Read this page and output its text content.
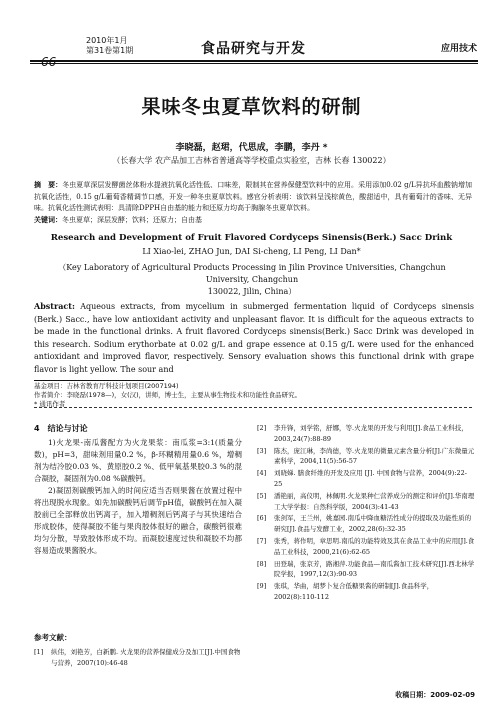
2010年1月
第31卷第1期	食品研究与开发	应用技术
66
果味冬虫夏草饮料的研制
李晓磊，赵珺，代思成，李鹏，李丹 *
（长春大学 农产品加工吉林省普通高等学校重点实验室，吉林 长春 130022）
摘　要：冬虫夏草深层发酵菌丝体粉水提液抗氧化活性低、口味差，限制其在营养保健型饮料中的应用。采用添加0.02 g/L异抗坏血酸钠增加抗氧化活性，0.15 g/L葡萄香精调节口感，开发一种冬虫夏草饮料。感官分析表明：该饮料呈浅棕黄色，酸甜适中，具有葡萄汁的香味、无异味。抗氧化活性测试表明：具清除DPPH自由基的能力和还原力均高于胸腺冬虫夏草饮料。
关键词：冬虫夏草；深层发酵；饮料；还原力；自由基
Research and Development of Fruit Flavored Cordyceps Sinensis(Berk.) Sacc Drink
LI Xiao-lei, ZHAO Jun, DAI Si-cheng, LI Peng, LI Dan*
（Key Laboratory of Agricultural Products Processing in Jilin Province Universities, Changchun University, Changchun
130022, Jilin, China）
Abstract: Aqueous extracts, from mycelium in submerged fermentation liquid of Cordyceps sinensis (Berk.) Sacc., have low antioxidant activity and unpleasant flavor. It is difficult for the aqueous extracts to be made in the functional drinks. A fruit flavored Cordyceps sinensis(Berk.) Sacc Drink was developed in this research. Sodium erythorbate at 0.02 g/L and grape essence at 0.15 g/L were used for the enhanced antioxidant and improved flavor, respectively. Sensory evaluation shows this functional drink with grape flavor is light yellow. The sour and
基金项目：吉林省教育厅科技计划项目(2007194)
作者简介：李晓磊(1978—)，女(汉)，讲师，博士生，主要从事生物技术和功能性食品研究。
* 通讯作者
4　结论与讨论

1)火龙果-南瓜酱配方为火龙果浆：南瓜浆=3:1(质量分数)，pH=3，甜味剂用量0.2 %，β-环糊精用量0.6 %，增稠剂为结冷胶0.03 %、黄原胶0.2 %、低甲氧基果胶0.3 %的混合凝胶，凝固剂为0.08 %碳酸钙。

2)凝固剂碳酸钙加入的时间应适当否则果酱在放置过程中将出现脱水现象。如先加碳酸钙后调节pH值，碳酸钙在加入凝胶前已全部释放出钙离子，加入增稠剂后钙离子与其快速结合形成胶体，使得凝胶不能与果肉胶体很好的融合，碳酸钙很难均匀分散，导致胶体形成不均。而凝胶速度过快和凝胶不均都容易造成果酱脱水。

参考文献：
[1]	纵伟，刘艳芳，白新鹏. 火龙果的营养保健成分及加工[J].中国食物与营养，2007(10):46-48
[2]	李升锋，刘学铭，舒娜，等.火龙果的开发与利用[J].食品工业科技，2003,24(7):88-89
[3]	陈杰，庞江琳，李尚德，等.火龙果的微量元素含量分析[J].广东微量元素科学，2004,11(5):56-57
[4]	刘晓娣. 膳食纤维的开发及应用 [J]. 中国食物与营养，2004(9):22-25
[5]	潘艳丽，高仪明，林佩明.火龙果种仁营养成分的测定和评价[J].华南理工大学学报：自然科学版，2004(3):41-43
[6]	张剑军，王兰州，姚嘉园.南瓜中降血糖活性成分的提取及功能性质的研究[J].食品与发酵工业，2002,28(6):32-35
[7]	张秀，蒋作明，章思明.南瓜的功能特效及其在食品工业中的应用[J].食品工业科技，2000,21(6):62-65
[8]	田登瑞，张京芳，路湘萍.功能食品—南瓜酱加工技术研究[J].西北林学院学报，1997,12(3):90-93
[9]	张琪，华曲，胡梦卜复合低糖果酱的研制[J].食品科学，2002(8):110-112
收稿日期：2009-02-09
